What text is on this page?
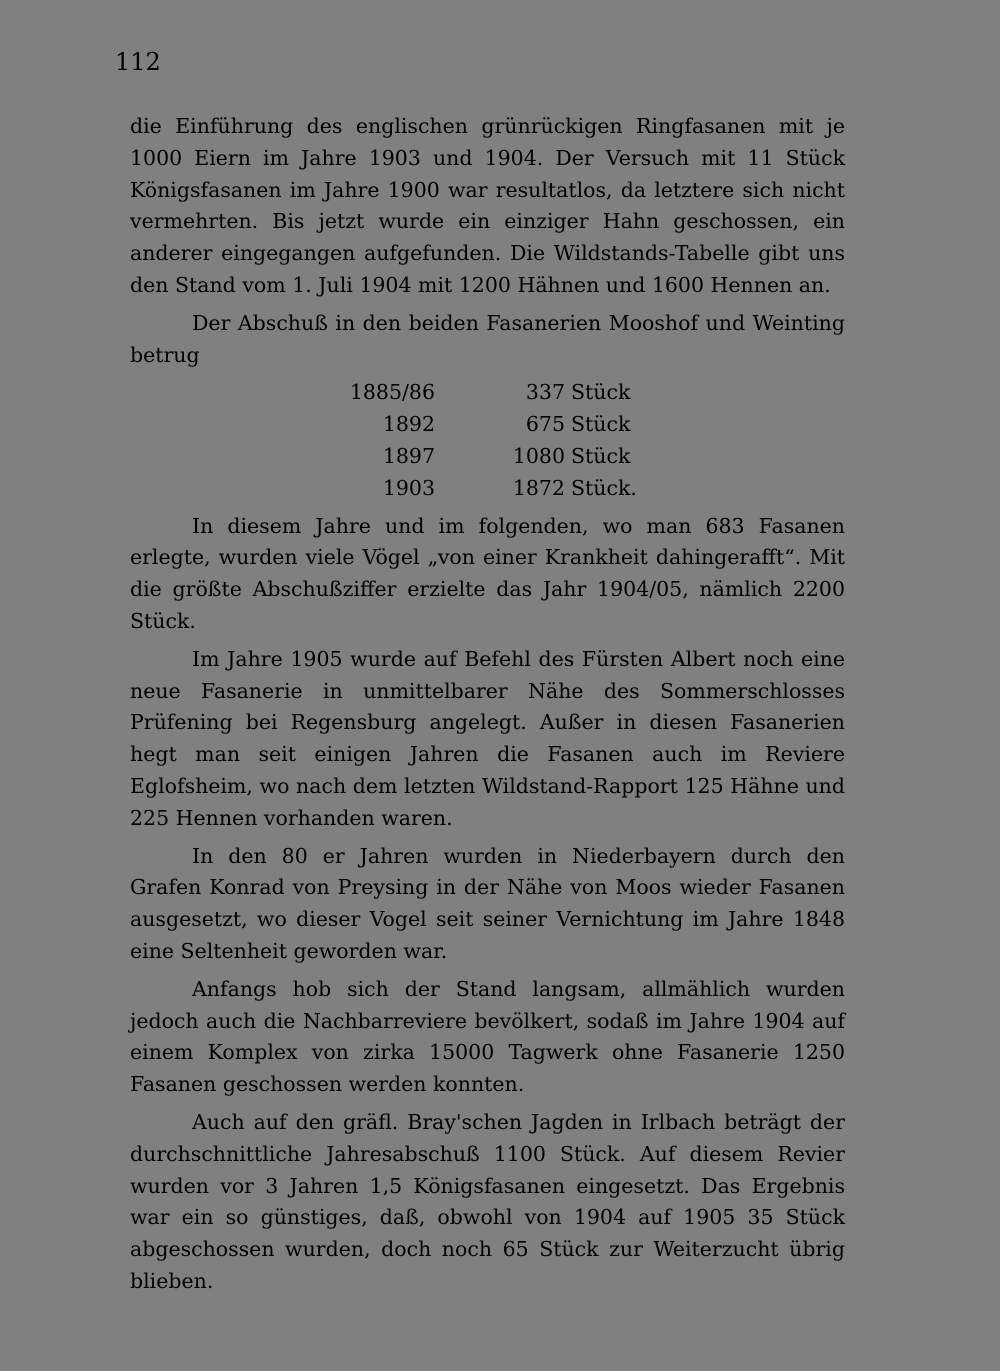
112

die Einführung des englischen grünrückigen Ringfasanen mit je 1000 Eiern im Jahre 1903 und 1904. Der Versuch mit 11 Stück Königsfasanen im Jahre 1900 war resultatlos, da letztere sich nicht vermehrten. Bis jetzt wurde ein einziger Hahn geschossen, ein anderer eingegangen aufgefunden. Die Wildstands-Tabelle gibt uns den Stand vom 1. Juli 1904 mit 1200 Hähnen und 1600 Hennen an.

Der Abschuß in den beiden Fasanerien Mooshof und Weinting betrug

1885/86	337	Stück
1892	675	Stück
1897	1080	Stück
1903	1872	Stück.

In diesem Jahre und im folgenden, wo man 683 Fasanen erlegte, wurden viele Vögel „von einer Krankheit dahingerafft“. Mit die größte Abschußziffer erzielte das Jahr 1904/05, nämlich 2200 Stück.

Im Jahre 1905 wurde auf Befehl des Fürsten Albert noch eine neue Fasanerie in unmittelbarer Nähe des Sommerschlosses Prüfening bei Regensburg angelegt. Außer in diesen Fasanerien hegt man seit einigen Jahren die Fasanen auch im Reviere Eglofsheim, wo nach dem letzten Wildstand-Rapport 125 Hähne und 225 Hennen vorhanden waren.

In den 80 er Jahren wurden in Niederbayern durch den Grafen Konrad von Preysing in der Nähe von Moos wieder Fasanen ausgesetzt, wo dieser Vogel seit seiner Vernichtung im Jahre 1848 eine Seltenheit geworden war.

Anfangs hob sich der Stand langsam, allmählich wurden jedoch auch die Nachbarreviere bevölkert, sodaß im Jahre 1904 auf einem Komplex von zirka 15000 Tagwerk ohne Fasanerie 1250 Fasanen geschossen werden konnten.

Auch auf den gräfl. Bray'schen Jagden in Irlbach beträgt der durchschnittliche Jahresabschuß 1100 Stück. Auf diesem Revier wurden vor 3 Jahren 1,5 Königsfasanen eingesetzt. Das Ergebnis war ein so günstiges, daß, obwohl von 1904 auf 1905 35 Stück abgeschossen wurden, doch noch 65 Stück zur Weiterzucht übrig blieben.
